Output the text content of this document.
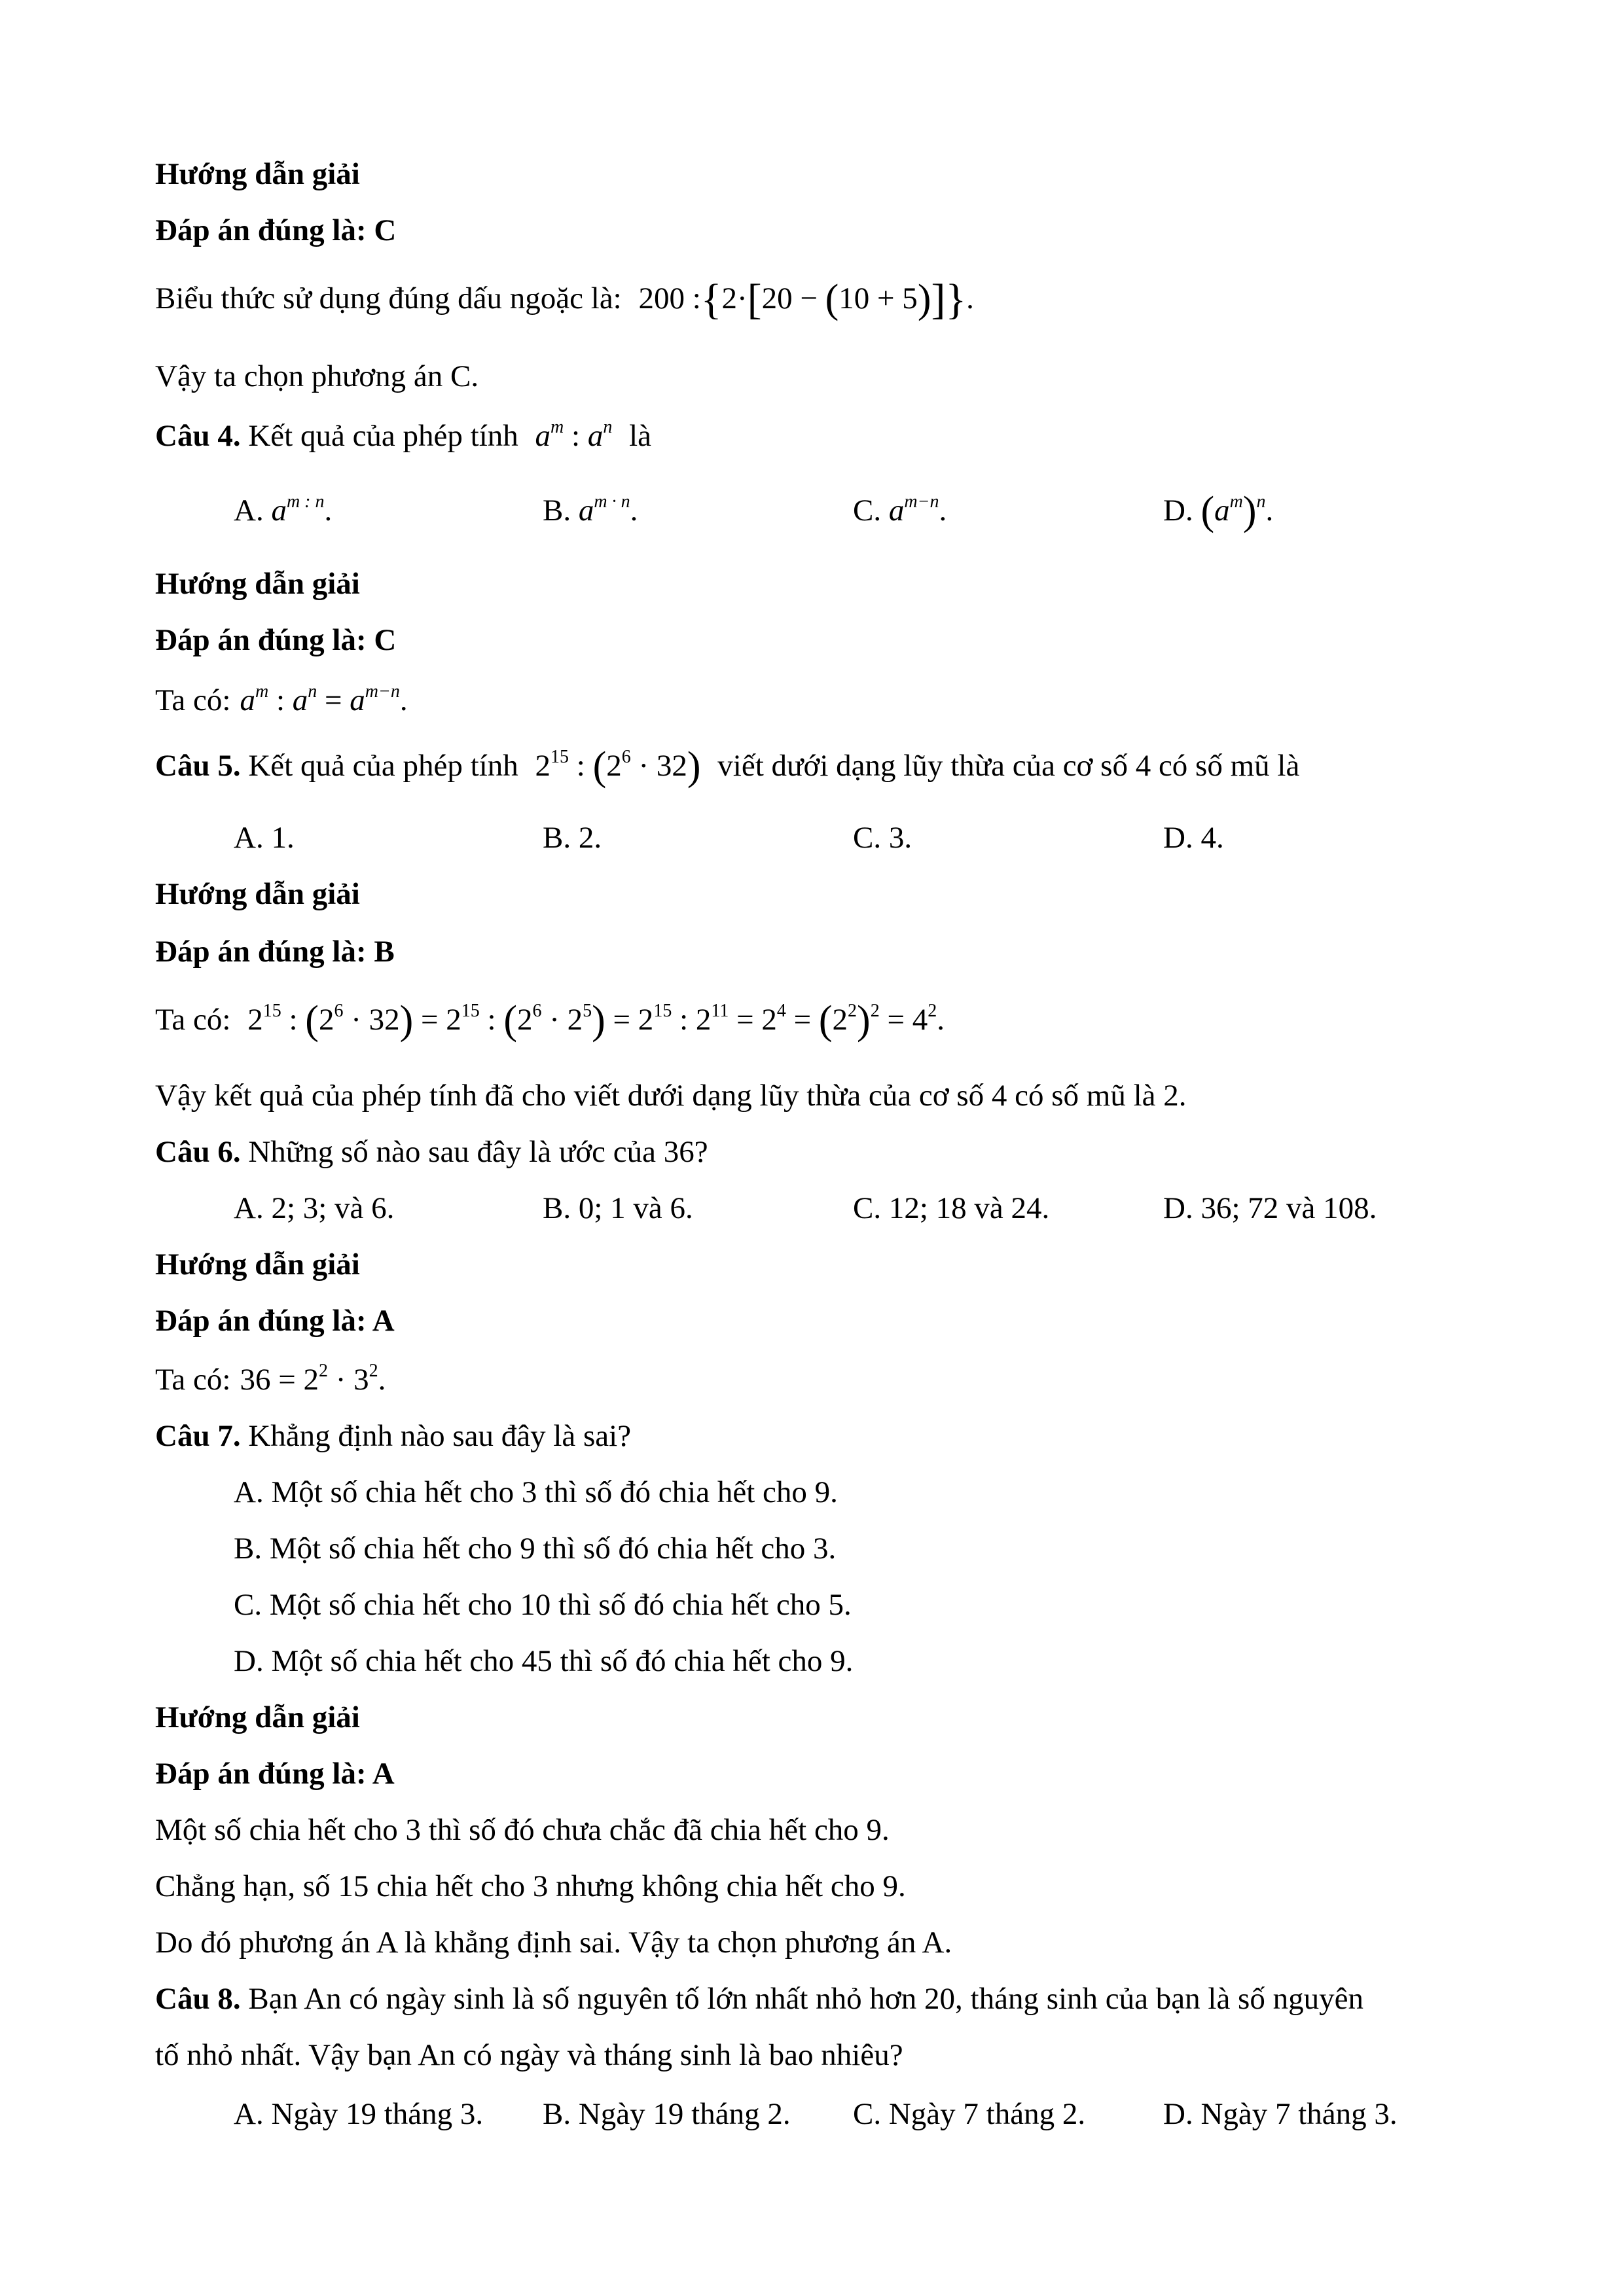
Hướng dẫn giải
Đáp án đúng là: C
Biểu thức sử dụng đúng dấu ngoặc là: 200 :{2·[20 − (10 + 5)]}.
Vậy ta chọn phương án C.
Câu 4. Kết quả của phép tính $a^m$ : $a^n$ là
A. $a^{m : n}$.	B. $a^{m \cdot n}$.	C. $a^{m-n}$.	D. $(a^m)^n$.
Hướng dẫn giải
Đáp án đúng là: C
Ta có: $a^m$ : $a^n = a^{m-n}$.
Câu 5. Kết quả của phép tính $2^{15}$ : $(2^6 \cdot 32)$ viết dưới dạng lũy thừa của cơ số 4 có số mũ là
A. 1.	B. 2.	C. 3.	D. 4.
Hướng dẫn giải
Đáp án đúng là: B
Ta có: $2^{15}$ : $(2^6 \cdot 32) = 2^{15}$ : $(2^6 \cdot 2^5) = 2^{15}$ : $2^{11} = 2^4 = (2^2)^2 = 4^2$.
Vậy kết quả của phép tính đã cho viết dưới dạng lũy thừa của cơ số 4 có số mũ là 2.
Câu 6. Những số nào sau đây là ước của 36?
A. 2; 3; và 6.	B. 0; 1 và 6.	C. 12; 18 và 24.	D. 36; 72 và 108.
Hướng dẫn giải
Đáp án đúng là: A
Ta có: $36 = 2^2 \cdot 3^2$.
Câu 7. Khẳng định nào sau đây là sai?
A. Một số chia hết cho 3 thì số đó chia hết cho 9.
B. Một số chia hết cho 9 thì số đó chia hết cho 3.
C. Một số chia hết cho 10 thì số đó chia hết cho 5.
D. Một số chia hết cho 45 thì số đó chia hết cho 9.
Hướng dẫn giải
Đáp án đúng là: A
Một số chia hết cho 3 thì số đó chưa chắc đã chia hết cho 9.
Chẳng hạn, số 15 chia hết cho 3 nhưng không chia hết cho 9.
Do đó phương án A là khẳng định sai. Vậy ta chọn phương án A.
Câu 8. Bạn An có ngày sinh là số nguyên tố lớn nhất nhỏ hơn 20, tháng sinh của bạn là số nguyên
tố nhỏ nhất. Vậy bạn An có ngày và tháng sinh là bao nhiêu?
A. Ngày 19 tháng 3. B. Ngày 19 tháng 2. C. Ngày 7 tháng 2.	D. Ngày 7 tháng 3.
